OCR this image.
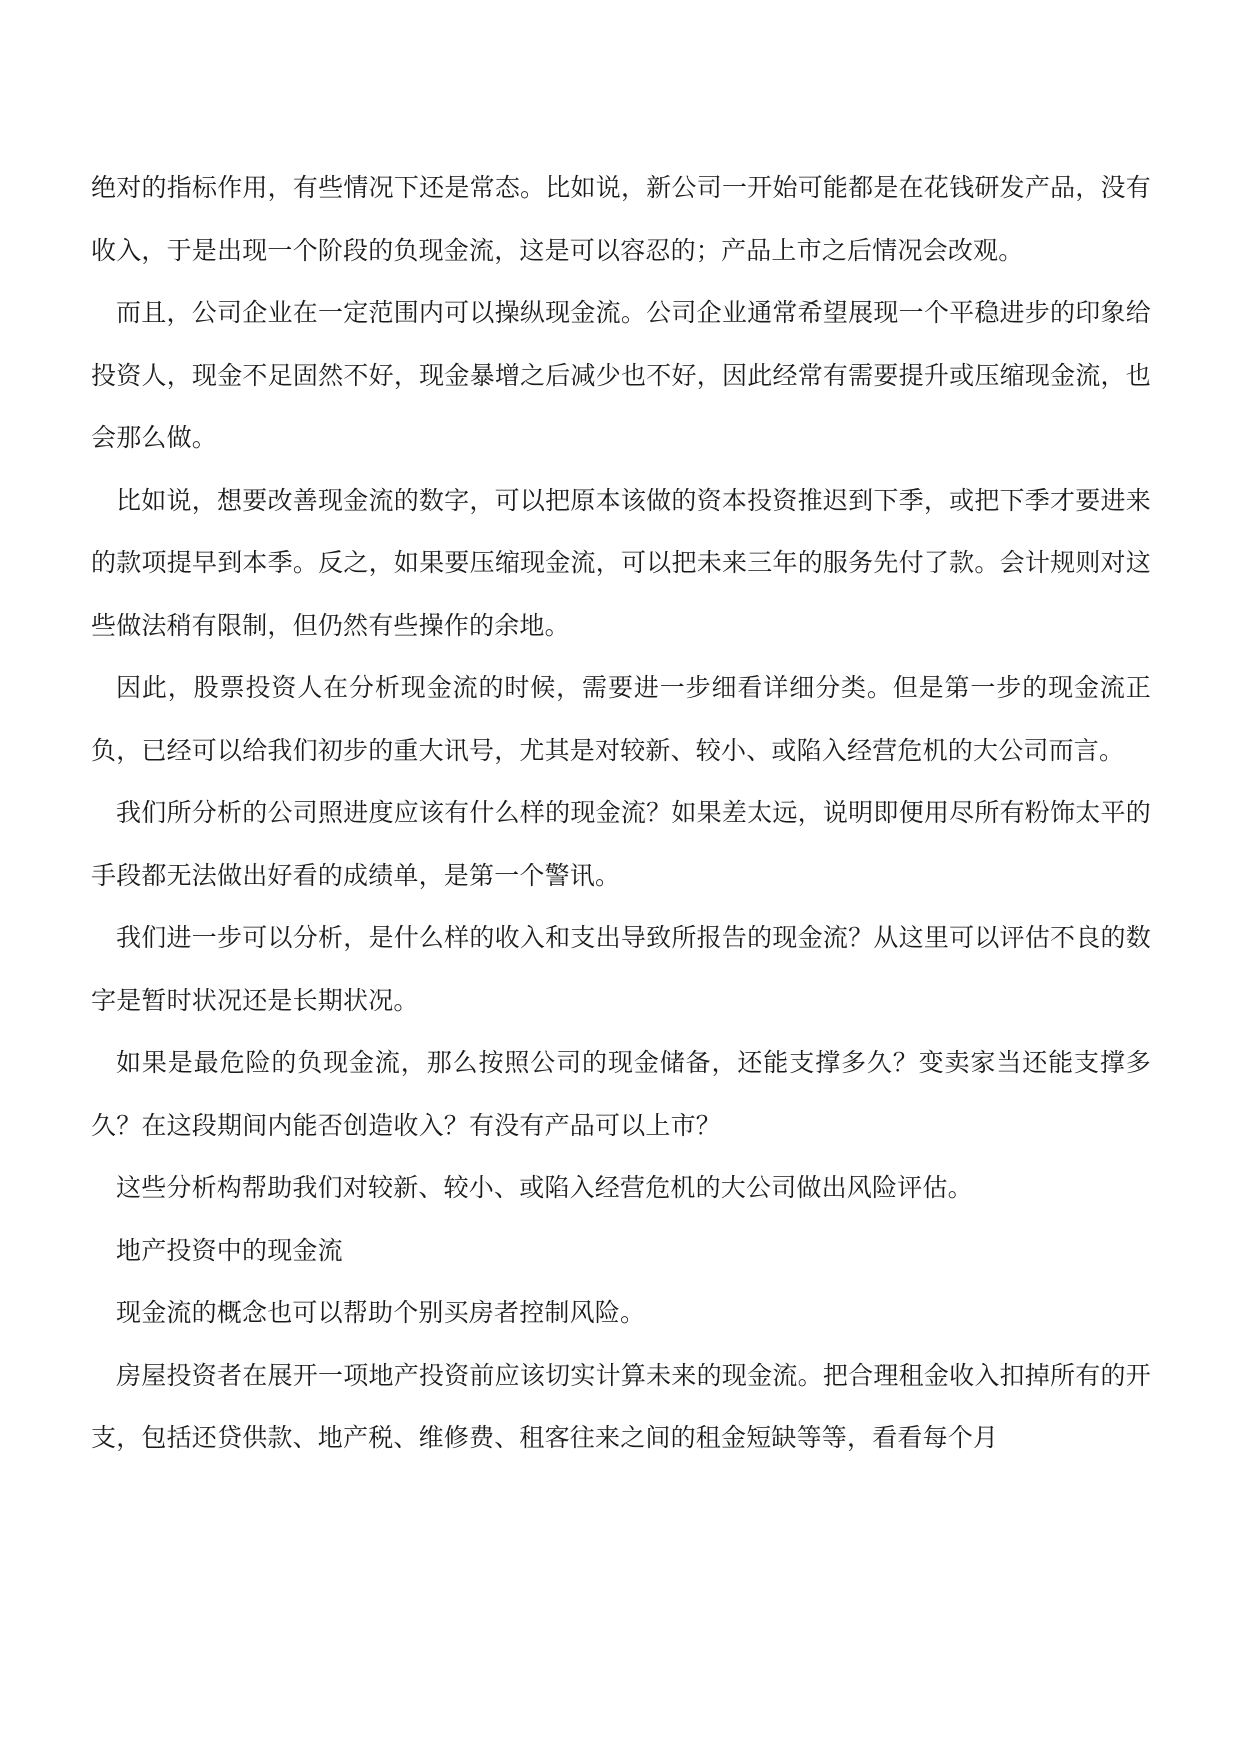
绝对的指标作用，有些情况下还是常态。比如说，新公司一开始可能都是在花钱研发产品，没有收入，于是出现一个阶段的负现金流，这是可以容忍的；产品上市之后情况会改观。

而且，公司企业在一定范围内可以操纵现金流。公司企业通常希望展现一个平稳进步的印象给投资人，现金不足固然不好，现金暴增之后减少也不好，因此经常有需要提升或压缩现金流，也会那么做。

比如说，想要改善现金流的数字，可以把原本该做的资本投资推迟到下季，或把下季才要进来的款项提早到本季。反之，如果要压缩现金流，可以把未来三年的服务先付了款。会计规则对这些做法稍有限制，但仍然有些操作的余地。

因此，股票投资人在分析现金流的时候，需要进一步细看详细分类。但是第一步的现金流正负，已经可以给我们初步的重大讯号，尤其是对较新、较小、或陷入经营危机的大公司而言。

我们所分析的公司照进度应该有什么样的现金流？如果差太远，说明即便用尽所有粉饰太平的手段都无法做出好看的成绩单，是第一个警讯。

我们进一步可以分析，是什么样的收入和支出导致所报告的现金流？从这里可以评估不良的数字是暂时状况还是长期状况。

如果是最危险的负现金流，那么按照公司的现金储备，还能支撑多久？变卖家当还能支撑多久？在这段期间内能否创造收入？有没有产品可以上市？

这些分析构帮助我们对较新、较小、或陷入经营危机的大公司做出风险评估。

地产投资中的现金流

现金流的概念也可以帮助个别买房者控制风险。

房屋投资者在展开一项地产投资前应该切实计算未来的现金流。把合理租金收入扣掉所有的开支，包括还贷供款、地产税、维修费、租客往来之间的租金短缺等等，看看每个月
